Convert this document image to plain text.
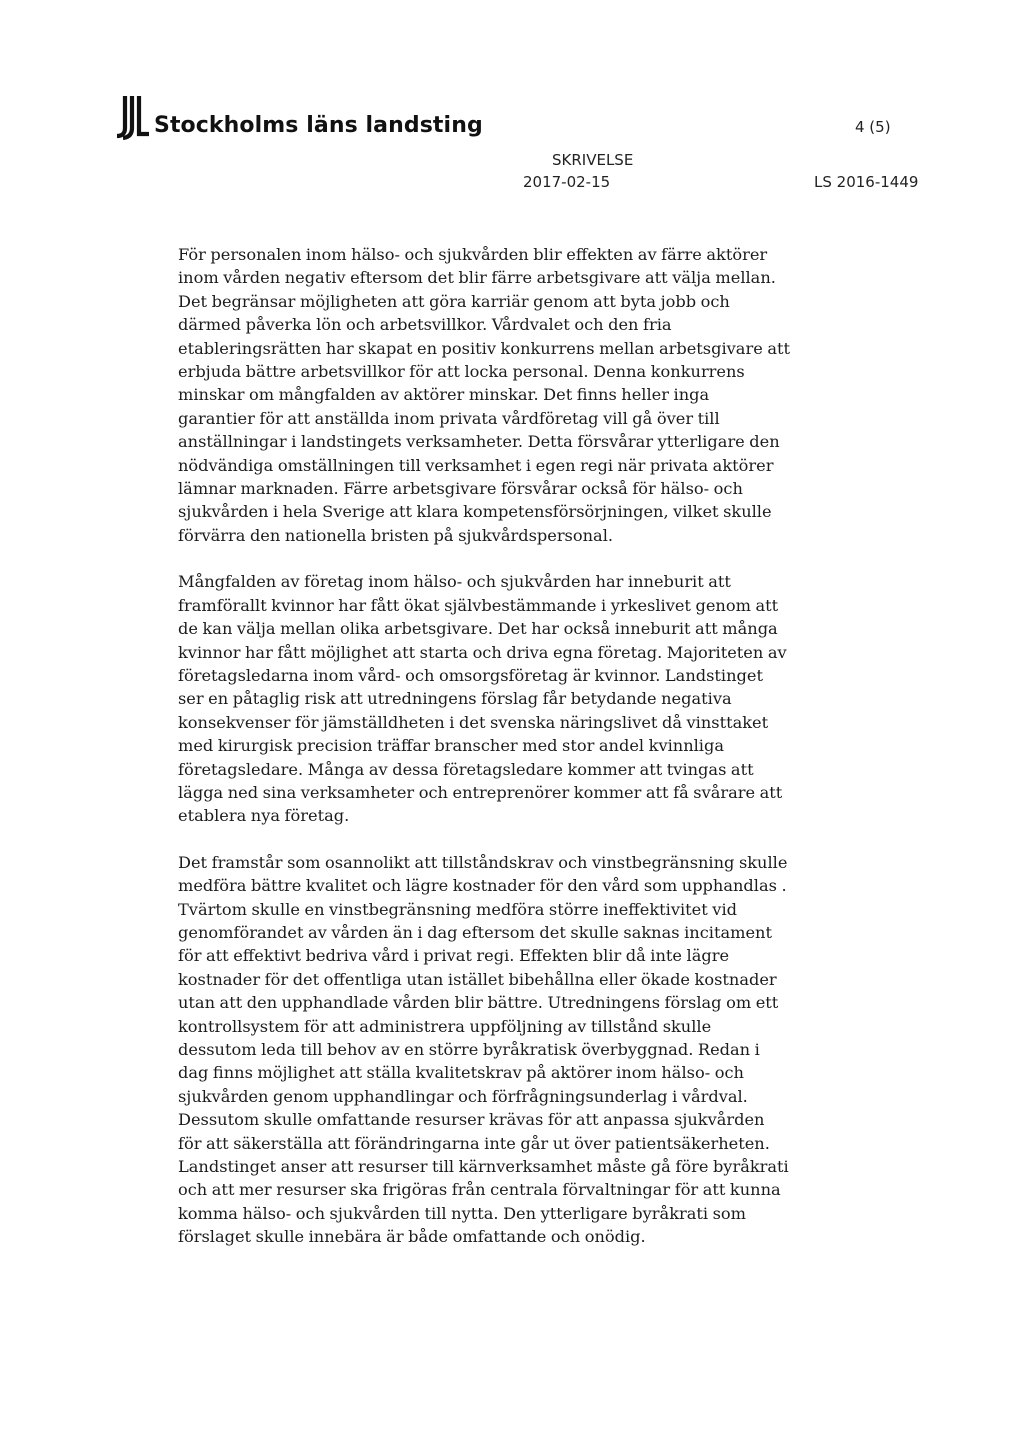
Stockholms läns landsting	4 (5)
SKRIVELSE
2017-02-15	LS 2016-1449

För personalen inom hälso- och sjukvården blir effekten av färre aktörer inom vården negativ eftersom det blir färre arbetsgivare att välja mellan. Det begränsar möjligheten att göra karriär genom att byta jobb och därmed påverka lön och arbetsvillkor. Vårdvalet och den fria etableringsrätten har skapat en positiv konkurrens mellan arbetsgivare att erbjuda bättre arbetsvillkor för att locka personal. Denna konkurrens minskar om mångfalden av aktörer minskar. Det finns heller inga garantier för att anställda inom privata vårdföretag vill gå över till anställningar i landstingets verksamheter. Detta försvårar ytterligare den nödvändiga omställningen till verksamhet i egen regi när privata aktörer lämnar marknaden. Färre arbetsgivare försvårar också för hälso- och sjukvården i hela Sverige att klara kompetensförsörjningen, vilket skulle förvärra den nationella bristen på sjukvårdspersonal.

Mångfalden av företag inom hälso- och sjukvården har inneburit att framförallt kvinnor har fått ökat självbestämmande i yrkeslivet genom att de kan välja mellan olika arbetsgivare. Det har också inneburit att många kvinnor har fått möjlighet att starta och driva egna företag. Majoriteten av företagsledarna inom vård- och omsorgsföretag är kvinnor. Landstinget ser en påtaglig risk att utredningens förslag får betydande negativa konsekvenser för jämställdheten i det svenska näringslivet då vinsttaket med kirurgisk precision träffar branscher med stor andel kvinnliga företagsledare. Många av dessa företagsledare kommer att tvingas att lägga ned sina verksamheter och entreprenörer kommer att få svårare att etablera nya företag.

Det framstår som osannolikt att tillståndskrav och vinstbegränsning skulle medföra bättre kvalitet och lägre kostnader för den vård som upphandlas . Tvärtom skulle en vinstbegränsning medföra större ineffektivitet vid genomförandet av vården än i dag eftersom det skulle saknas incitament för att effektivt bedriva vård i privat regi. Effekten blir då inte lägre kostnader för det offentliga utan istället bibehållna eller ökade kostnader utan att den upphandlade vården blir bättre. Utredningens förslag om ett kontrollsystem för att administrera uppföljning av tillstånd skulle dessutom leda till behov av en större byråkratisk överbyggnad. Redan i dag finns möjlighet att ställa kvalitetskrav på aktörer inom hälso- och sjukvården genom upphandlingar och förfrågningsunderlag i vårdval. Dessutom skulle omfattande resurser krävas för att anpassa sjukvården för att säkerställa att förändringarna inte går ut över patientsäkerheten. Landstinget anser att resurser till kärnverksamhet måste gå före byråkrati och att mer resurser ska frigöras från centrala förvaltningar för att kunna komma hälso- och sjukvården till nytta. Den ytterligare byråkrati som förslaget skulle innebära är både omfattande och onödig.
